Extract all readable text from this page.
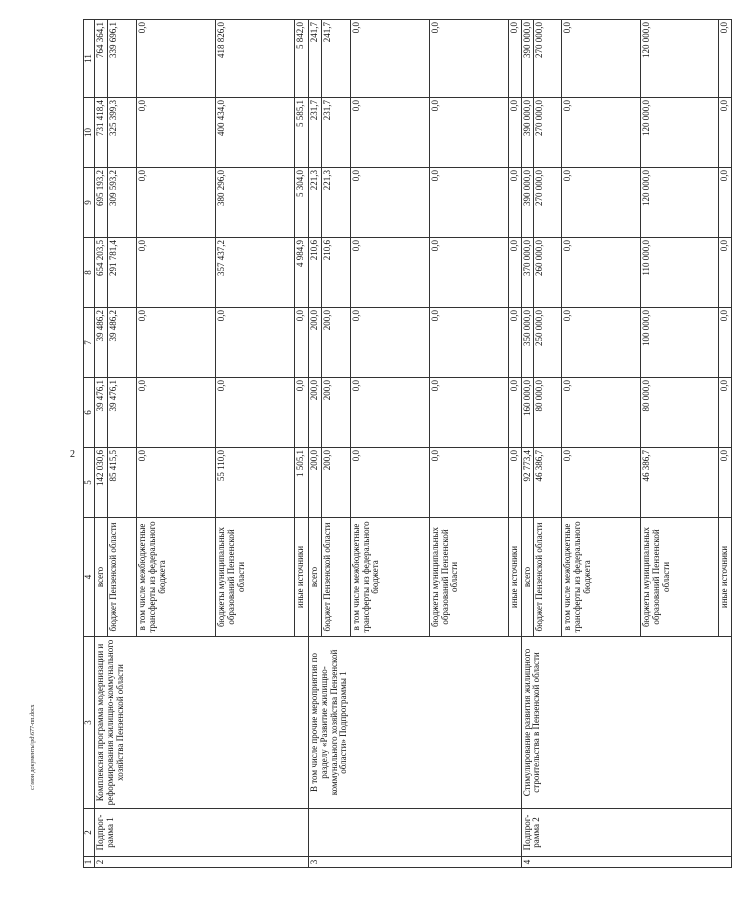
2
c:\мои документы\pd\677-пп.docx
1	2	3	4	5	6	7	8	9	10	11
2	Подпрог-рамма 1	Комплексная программа модернизации и реформирования жилищно-коммунального хозяйства Пензенской области	всего	142 030,6	39 476,1	39 486,2	654 203,5	695 193,2	731 418,4	764 364,1
			бюджет Пензенской области	85 415,5	39 476,1	39 486,2	291 781,4	309 593,2	325 399,3	339 696,1
			в том числе межбюджетные трансферты из федерального бюджета	0,0	0,0	0,0	0,0	0,0	0,0	0,0
			бюджеты муниципальных образований Пензенской области	55 110,0	0,0	0,0	357 437,2	380 296,0	400 434,0	418 826,0
			иные источники	1 505,1	0,0	0,0	4 984,9	5 304,0	5 585,1	5 842,0
3		В том числе прочие мероприятия по разделу «Развитие жилищно-коммунального хозяйства Пензенской области» Подпрограммы 1	всего	200,0	200,0	200,0	210,6	221,3	231,7	241,7
			бюджет Пензенской области	200,0	200,0	200,0	210,6	221,3	231,7	241,7
			в том числе межбюджетные трансферты из федерального бюджета	0,0	0,0	0,0	0,0	0,0	0,0	0,0
			бюджеты муниципальных образований Пензенской области	0,0	0,0	0,0	0,0	0,0	0,0	0,0
			иные источники	0,0	0,0	0,0	0,0	0,0	0,0	0,0
4	Подпрог-рамма 2	Стимулирование развития жилищного строительства в Пензенской области	всего	92 773,4	160 000,0	350 000,0	370 000,0	390 000,0	390 000,0	390 000,0
			бюджет Пензенской области	46 386,7	80 000,0	250 000,0	260 000,0	270 000,0	270 000,0	270 000,0
			в том числе межбюджетные трансферты из федерального бюджета	0,0	0,0	0,0	0,0	0,0	0,0	0,0
			бюджеты муниципальных образований Пензенской области	46 386,7	80 000,0	100 000,0	110 000,0	120 000,0	120 000,0	120 000,0
			иные источники	0,0	0,0	0,0	0,0	0,0	0,0	0,0
